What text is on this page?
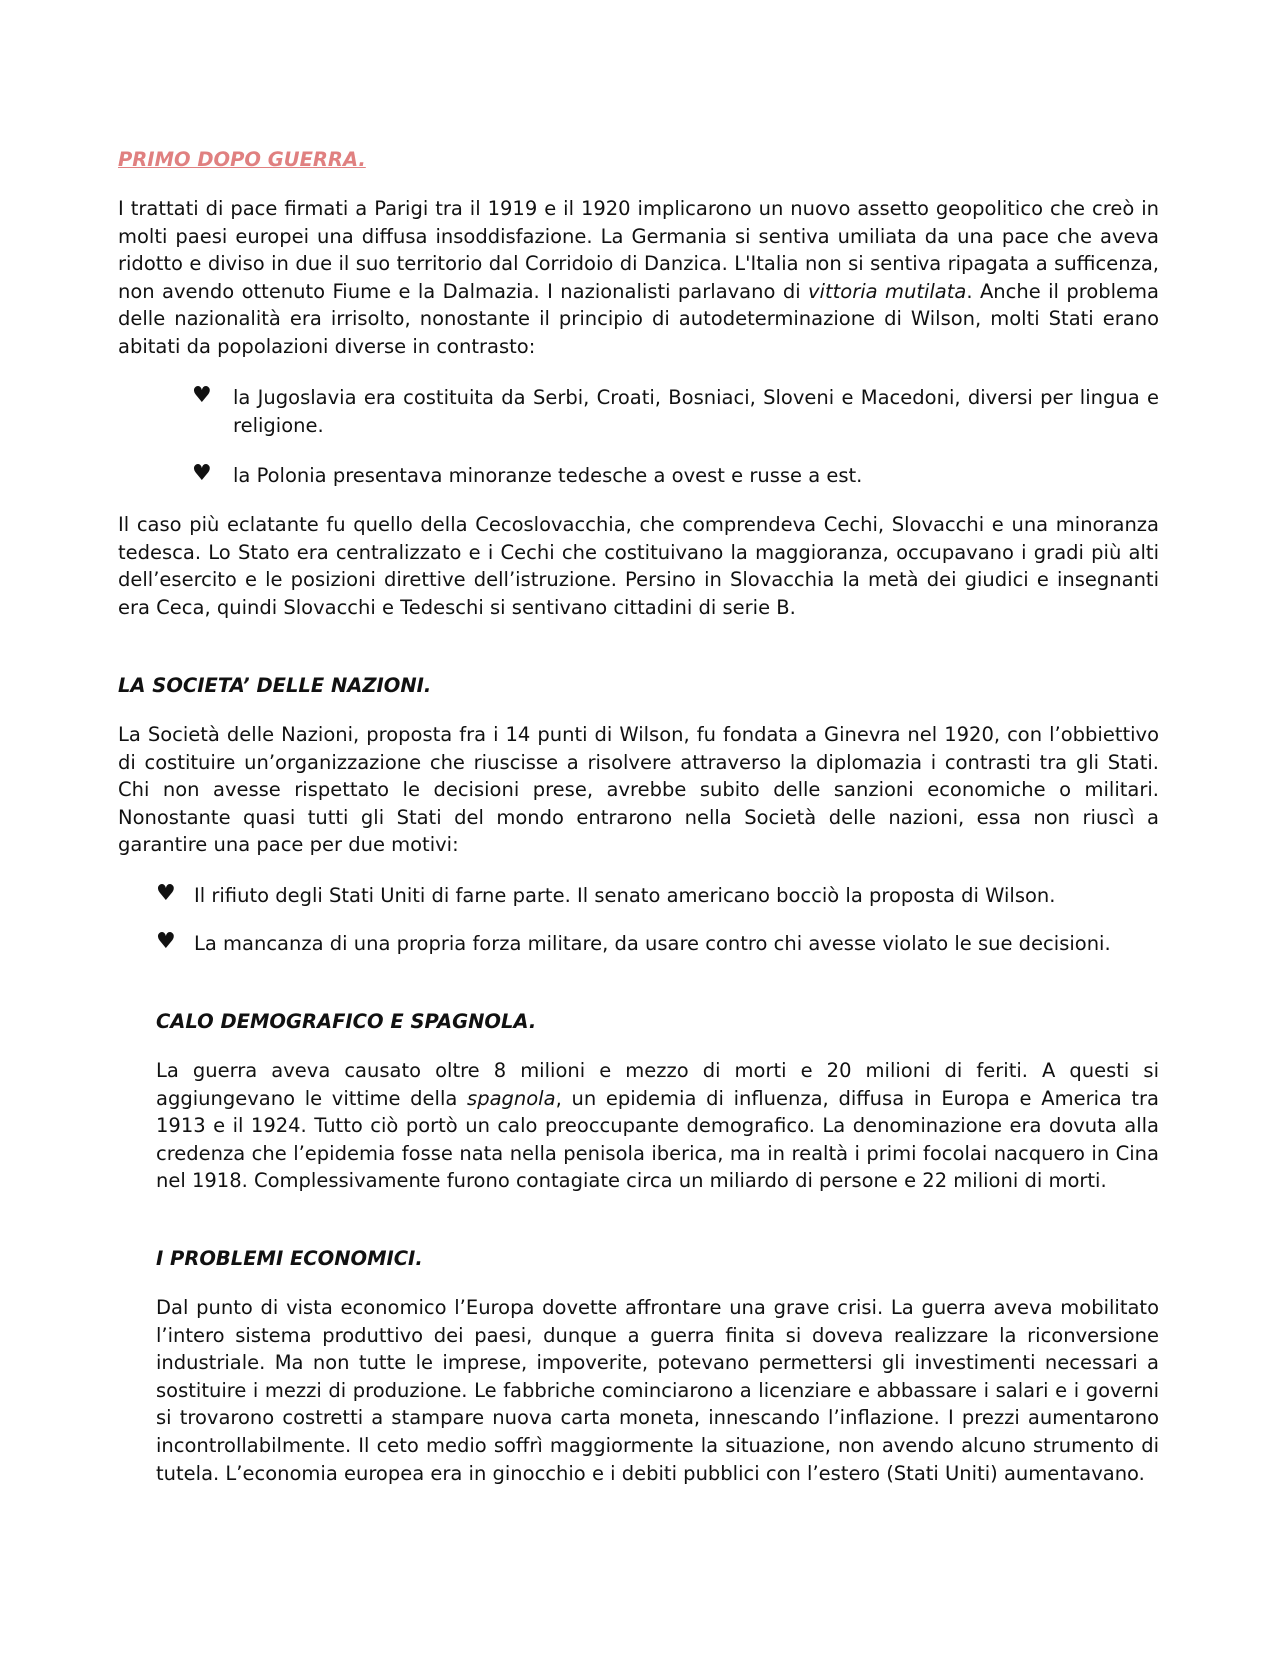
PRIMO DOPO GUERRA.

I trattati di pace firmati a Parigi tra il 1919 e il 1920 implicarono un nuovo assetto geopolitico che creò in molti paesi europei una diffusa insoddisfazione. La Germania si sentiva umiliata da una pace che aveva ridotto e diviso in due il suo territorio dal Corridoio di Danzica. L'Italia non si sentiva ripagata a sufficenza, non avendo ottenuto Fiume e la Dalmazia. I nazionalisti parlavano di vittoria mutilata. Anche il problema delle nazionalità era irrisolto, nonostante il principio di autodeterminazione di Wilson, molti Stati erano abitati da popolazioni diverse in contrasto:

♥ la Jugoslavia era costituita da Serbi, Croati, Bosniaci, Sloveni e Macedoni, diversi per lingua e religione.

♥ la Polonia presentava minoranze tedesche a ovest e russe a est.

Il caso più eclatante fu quello della Cecoslovacchia, che comprendeva Cechi, Slovacchi e una minoranza tedesca. Lo Stato era centralizzato e i Cechi che costituivano la maggioranza, occupavano i gradi più alti dell’esercito e le posizioni direttive dell’istruzione. Persino in Slovacchia la metà dei giudici e insegnanti era Ceca, quindi Slovacchi e Tedeschi si sentivano cittadini di serie B.

LA SOCIETA’ DELLE NAZIONI.

La Società delle Nazioni, proposta fra i 14 punti di Wilson, fu fondata a Ginevra nel 1920, con l’obbiettivo di costituire un’organizzazione che riuscisse a risolvere attraverso la diplomazia i contrasti tra gli Stati. Chi non avesse rispettato le decisioni prese, avrebbe subito delle sanzioni economiche o militari. Nonostante quasi tutti gli Stati del mondo entrarono nella Società delle nazioni, essa non riuscì a garantire una pace per due motivi:

♥ Il rifiuto degli Stati Uniti di farne parte. Il senato americano bocciò la proposta di Wilson.

♥ La mancanza di una propria forza militare, da usare contro chi avesse violato le sue decisioni.

CALO DEMOGRAFICO E SPAGNOLA.

La guerra aveva causato oltre 8 milioni e mezzo di morti e 20 milioni di feriti. A questi si aggiungevano le vittime della spagnola, un epidemia di influenza, diffusa in Europa e America tra 1913 e il 1924. Tutto ciò portò un calo preoccupante demografico. La denominazione era dovuta alla credenza che l’epidemia fosse nata nella penisola iberica, ma in realtà i primi focolai nacquero in Cina nel 1918. Complessivamente furono contagiate circa un miliardo di persone e 22 milioni di morti.

I PROBLEMI ECONOMICI.

Dal punto di vista economico l’Europa dovette affrontare una grave crisi. La guerra aveva mobilitato l’intero sistema produttivo dei paesi, dunque a guerra finita si doveva realizzare la riconversione industriale. Ma non tutte le imprese, impoverite, potevano permettersi gli investimenti necessari a sostituire i mezzi di produzione. Le fabbriche cominciarono a licenziare e abbassare i salari e i governi si trovarono costretti a stampare nuova carta moneta, innescando l’inflazione. I prezzi aumentarono incontrollabilmente. Il ceto medio soffrì maggiormente la situazione, non avendo alcuno strumento di tutela. L’economia europea era in ginocchio e i debiti pubblici con l’estero (Stati Uniti) aumentavano.
